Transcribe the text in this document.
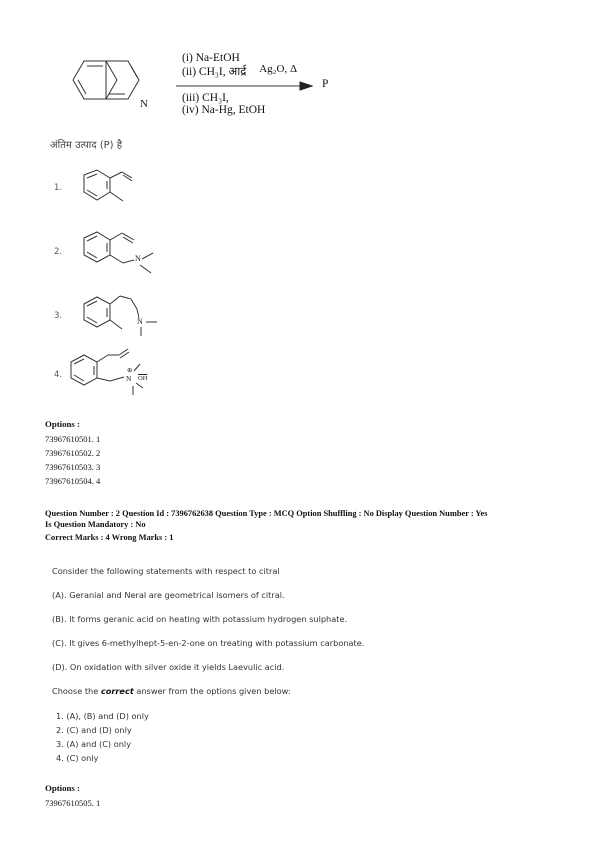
N
(i) Na-EtOH
(ii) CH₃I, आर्द्र Ag₂O, Δ
P
(iii) CH₃I,
(iv) Na-Hg, EtOH
अंतिम उत्पाद (P) है
1.
2.
N
3.
N
4.	N
⊕
$\overline{OH}$
Options :
73967610501. 1
73967610502. 2
73967610503. 3
73967610504. 4
Question Number : 2 Question Id : 7396762638 Question Type : MCQ Option Shuffling : No Display Question Number : Yes
Is Question Mandatory : No
Correct Marks : 4 Wrong Marks : 1
Consider the following statements with respect to citral
(A). Geranial and Neral are geometrical isomers of citral.
(B). It forms geranic acid on heating with potassium hydrogen sulphate.
(C). It gives 6-methylhept-5-en-2-one on treating with potassium carbonate.
(D). On oxidation with silver oxide it yields Laevulic acid.
Choose the correct answer from the options given below:
1. (A), (B) and (D) only
2. (C) and (D) only
3. (A) and (C) only
4. (C) only
Options :
73967610505. 1
